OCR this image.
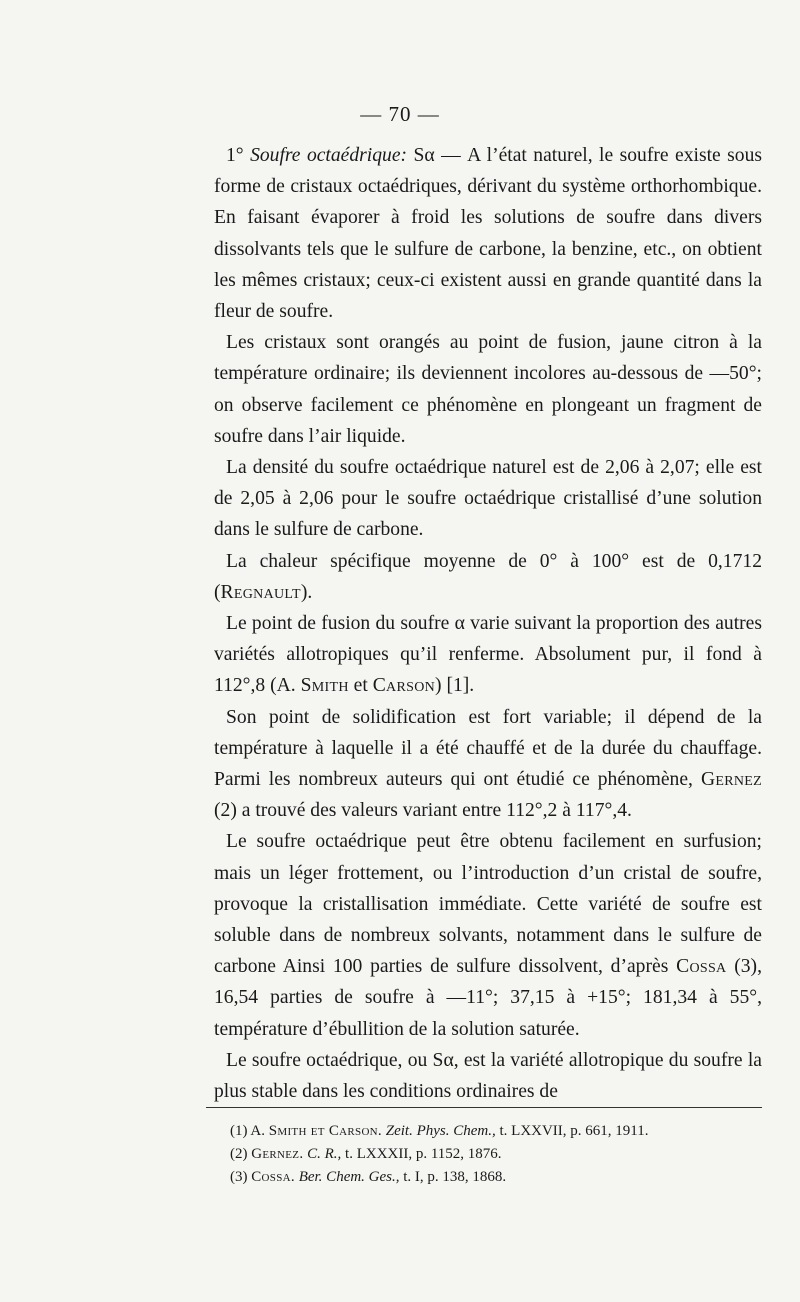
— 70 —

1° Soufre octaédrique: Sα — A l’état naturel, le soufre existe sous forme de cristaux octaédriques, dérivant du système orthorhombique. En faisant évaporer à froid les solutions de soufre dans divers dissolvants tels que le sulfure de carbone, la benzine, etc., on obtient les mêmes cristaux; ceux-ci existent aussi en grande quantité dans la fleur de soufre.

Les cristaux sont orangés au point de fusion, jaune citron à la température ordinaire; ils deviennent incolores au-dessous de —50°; on observe facilement ce phénomène en plongeant un fragment de soufre dans l’air liquide.

La densité du soufre octaédrique naturel est de 2,06 à 2,07; elle est de 2,05 à 2,06 pour le soufre octaédrique cristallisé d’une solution dans le sulfure de carbone.

La chaleur spécifique moyenne de 0° à 100° est de 0,1712 (Regnault).

Le point de fusion du soufre α varie suivant la proportion des autres variétés allotropiques qu’il renferme. Absolument pur, il fond à 112°,8 (A. Smith et Carson) [1].

Son point de solidification est fort variable; il dépend de la température à laquelle il a été chauffé et de la durée du chauffage. Parmi les nombreux auteurs qui ont étudié ce phénomène, Gernez (2) a trouvé des valeurs variant entre 112°,2 à 117°,4.

Le soufre octaédrique peut être obtenu facilement en surfusion; mais un léger frottement, ou l’introduction d’un cristal de soufre, provoque la cristallisation immédiate. Cette variété de soufre est soluble dans de nombreux solvants, notamment dans le sulfure de carbone Ainsi 100 parties de sulfure dissolvent, d’après Cossa (3), 16,54 parties de soufre à —11°; 37,15 à +15°; 181,34 à 55°, température d’ébullition de la solution saturée.

Le soufre octaédrique, ou Sα, est la variété allotropique du soufre la plus stable dans les conditions ordinaires de

(1) A. Smith et Carson. Zeit. Phys. Chem., t. LXXVII, p. 661, 1911.

(2) Gernez. C. R., t. LXXXII, p. 1152, 1876.

(3) Cossa. Ber. Chem. Ges., t. I, p. 138, 1868.
